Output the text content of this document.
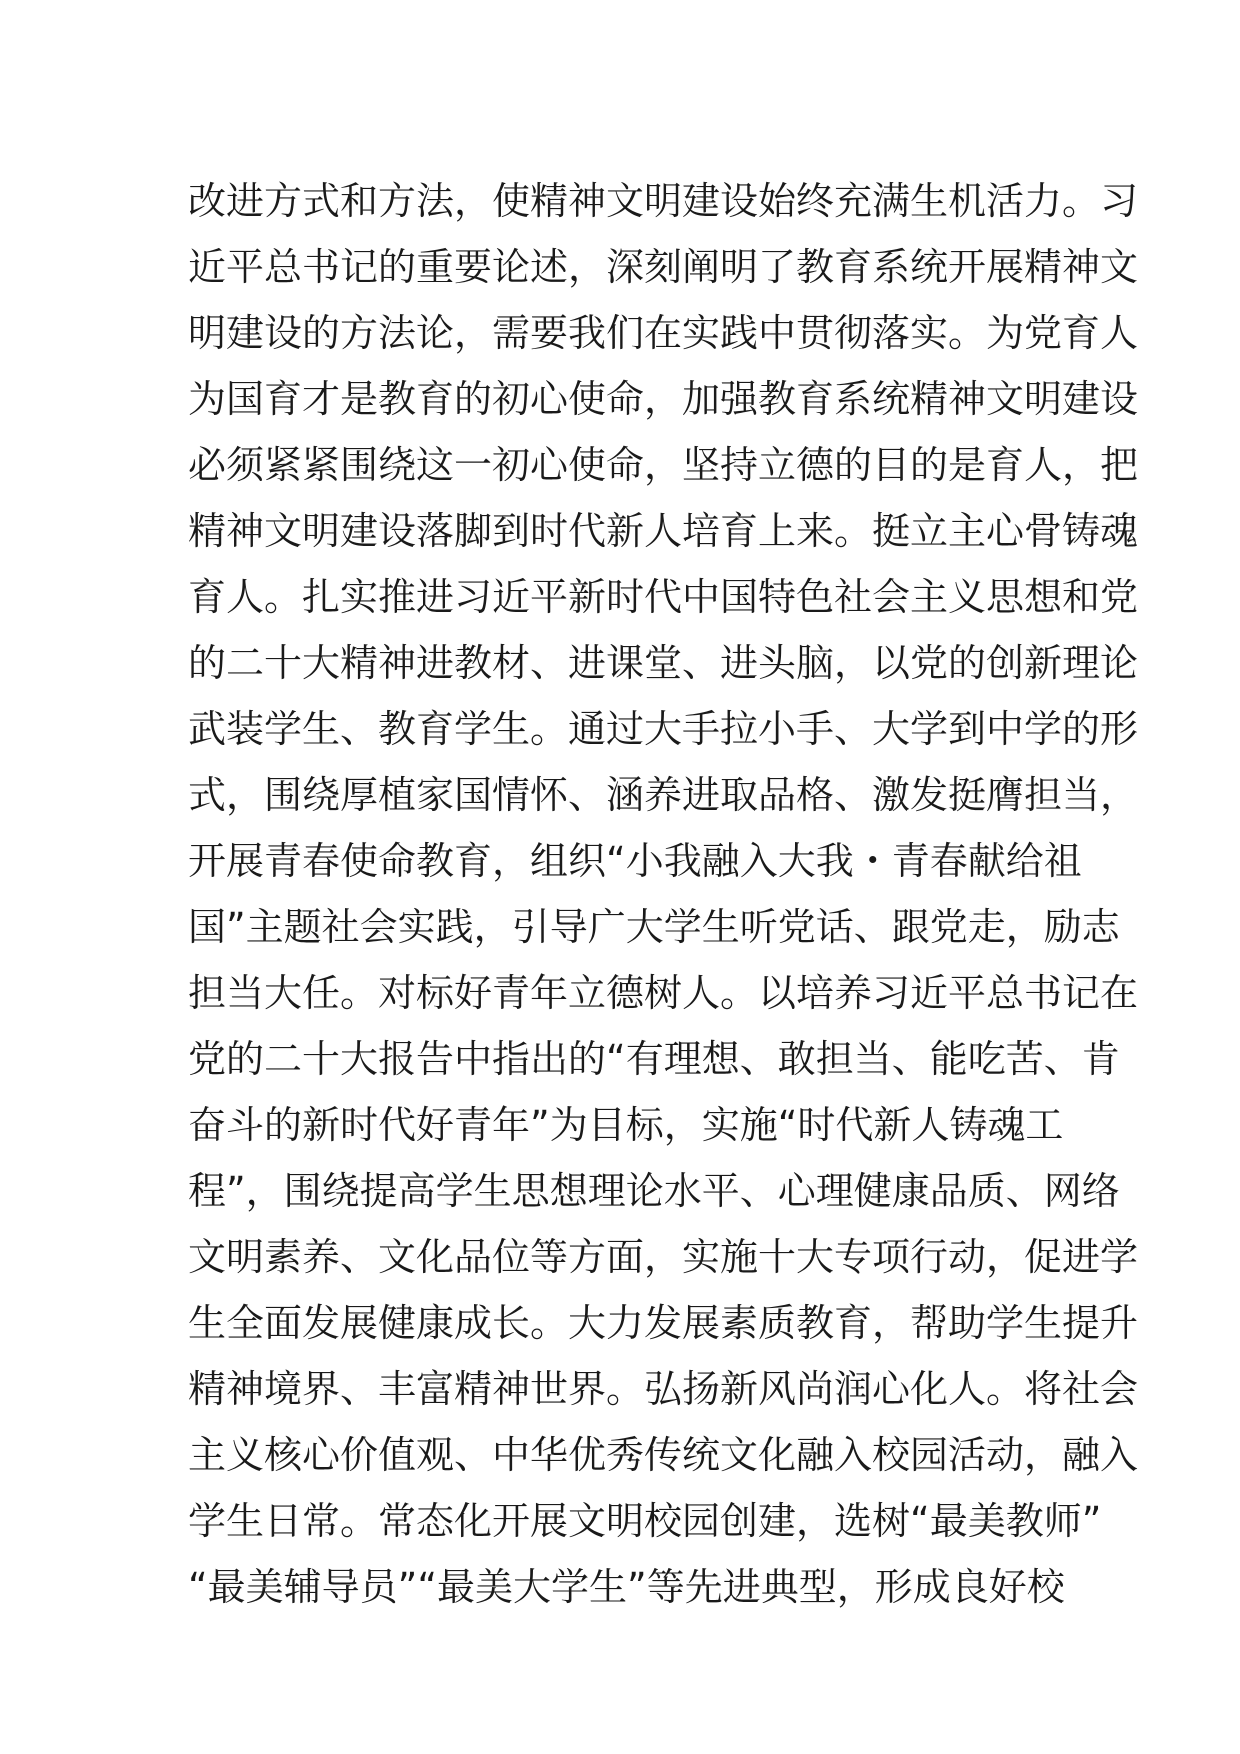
改进方式和方法，使精神文明建设始终充满生机活力。习
近平总书记的重要论述，深刻阐明了教育系统开展精神文
明建设的方法论，需要我们在实践中贯彻落实。为党育人
为国育才是教育的初心使命，加强教育系统精神文明建设
必须紧紧围绕这一初心使命，坚持立德的目的是育人，把
精神文明建设落脚到时代新人培育上来。挺立主心骨铸魂
育人。扎实推进习近平新时代中国特色社会主义思想和党
的二十大精神进教材、进课堂、进头脑，以党的创新理论
武装学生、教育学生。通过大手拉小手、大学到中学的形
式，围绕厚植家国情怀、涵养进取品格、激发挺膺担当，
开展青春使命教育，组织“小我融入大我・青春献给祖
国”主题社会实践，引导广大学生听党话、跟党走，励志
担当大任。对标好青年立德树人。以培养习近平总书记在
党的二十大报告中指出的“有理想、敢担当、能吃苦、肯
奋斗的新时代好青年”为目标，实施“时代新人铸魂工
程”，围绕提高学生思想理论水平、心理健康品质、网络
文明素养、文化品位等方面，实施十大专项行动，促进学
生全面发展健康成长。大力发展素质教育，帮助学生提升
精神境界、丰富精神世界。弘扬新风尚润心化人。将社会
主义核心价值观、中华优秀传统文化融入校园活动，融入
学生日常。常态化开展文明校园创建，选树“最美教师”
“最美辅导员”“最美大学生”等先进典型，形成良好校
